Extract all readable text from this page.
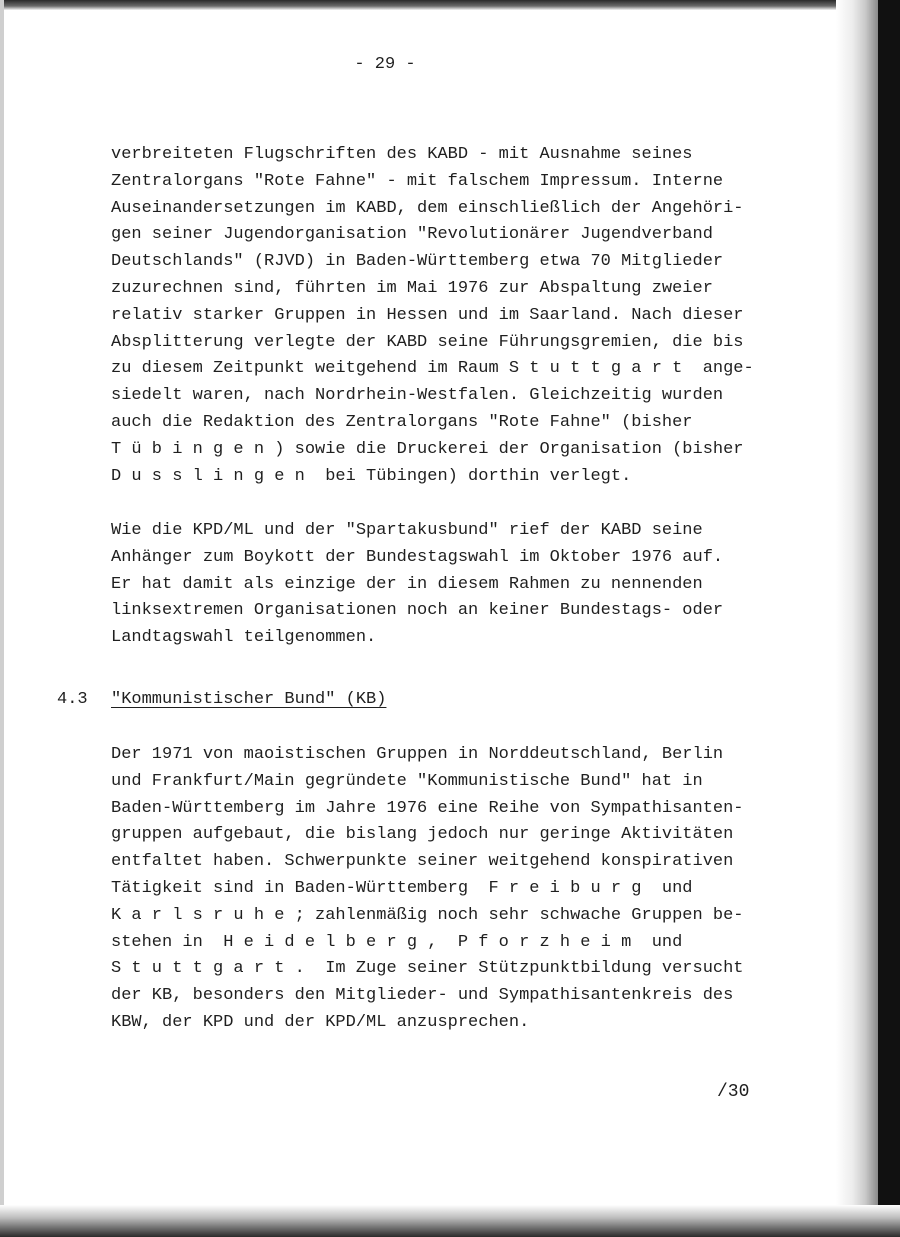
- 29 -

verbreiteten Flugschriften des KABD - mit Ausnahme seines
Zentralorgans "Rote Fahne" - mit falschem Impressum. Interne
Auseinandersetzungen im KABD, dem einschließlich der Angehöri-
gen seiner Jugendorganisation "Revolutionärer Jugendverband
Deutschlands" (RJVD) in Baden-Württemberg etwa 70 Mitglieder
zuzurechnen sind, führten im Mai 1976 zur Abspaltung zweier
relativ starker Gruppen in Hessen und im Saarland. Nach dieser
Absplitterung verlegte der KABD seine Führungsgremien, die bis
zu diesem Zeitpunkt weitgehend im Raum S t u t t g a r t  ange-
siedelt waren, nach Nordrhein-Westfalen. Gleichzeitig wurden
auch die Redaktion des Zentralorgans "Rote Fahne" (bisher
T ü b i n g e n ) sowie die Druckerei der Organisation (bisher
D u s s l i n g e n  bei Tübingen) dorthin verlegt.

Wie die KPD/ML und der "Spartakusbund" rief der KABD seine
Anhänger zum Boykott der Bundestagswahl im Oktober 1976 auf.
Er hat damit als einzige der in diesem Rahmen zu nennenden
linksextremen Organisationen noch an keiner Bundestags- oder
Landtagswahl teilgenommen.

4.3 "Kommunistischer Bund" (KB)

Der 1971 von maoistischen Gruppen in Norddeutschland, Berlin
und Frankfurt/Main gegründete "Kommunistische Bund" hat in
Baden-Württemberg im Jahre 1976 eine Reihe von Sympathisanten-
gruppen aufgebaut, die bislang jedoch nur geringe Aktivitäten
entfaltet haben. Schwerpunkte seiner weitgehend konspirativen
Tätigkeit sind in Baden-Württemberg  F r e i b u r g  und
K a r l s r u h e ; zahlenmäßig noch sehr schwache Gruppen be-
stehen in  H e i d e l b e r g ,  P f o r z h e i m  und
S t u t t g a r t .  Im Zuge seiner Stützpunktbildung versucht
der KB, besonders den Mitglieder- und Sympathisantenkreis des
KBW, der KPD und der KPD/ML anzusprechen.

/30
